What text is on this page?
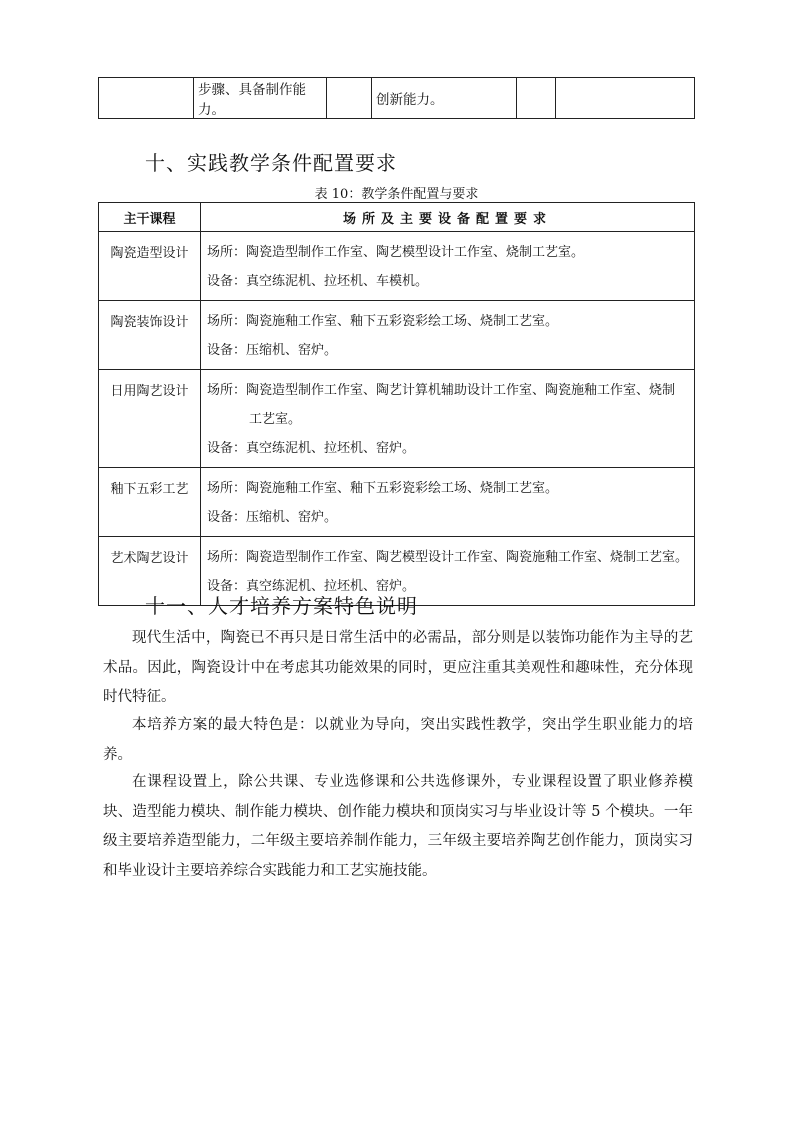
	步骤、具备制作能力。		创新能力。		
十、实践教学条件配置要求
表 10：教学条件配置与要求
主干课程	场所及主要设备配置要求
陶瓷造型设计	场所：陶瓷造型制作工作室、陶艺模型设计工作室、烧制工艺室。
设备：真空练泥机、拉坯机、车模机。

陶瓷装饰设计	场所：陶瓷施釉工作室、釉下五彩瓷彩绘工场、烧制工艺室。
设备：压缩机、窑炉。

日用陶艺设计	场所：陶瓷造型制作工作室、陶艺计算机辅助设计工作室、陶瓷施釉工作室、烧制
工艺室。
设备：真空练泥机、拉坯机、窑炉。

釉下五彩工艺	场所：陶瓷施釉工作室、釉下五彩瓷彩绘工场、烧制工艺室。
设备：压缩机、窑炉。

艺术陶艺设计	场所：陶瓷造型制作工作室、陶艺模型设计工作室、陶瓷施釉工作室、烧制工艺室。
设备：真空练泥机、拉坯机、窑炉。
十一、人才培养方案特色说明

现代生活中，陶瓷已不再只是日常生活中的必需品，部分则是以装饰功能作为主导的艺术品。因此，陶瓷设计中在考虑其功能效果的同时，更应注重其美观性和趣味性，充分体现时代特征。

本培养方案的最大特色是：以就业为导向，突出实践性教学，突出学生职业能力的培养。

在课程设置上，除公共课、专业选修课和公共选修课外，专业课程设置了职业修养模块、造型能力模块、制作能力模块、创作能力模块和顶岗实习与毕业设计等 5 个模块。一年级主要培养造型能力，二年级主要培养制作能力，三年级主要培养陶艺创作能力，顶岗实习和毕业设计主要培养综合实践能力和工艺实施技能。
